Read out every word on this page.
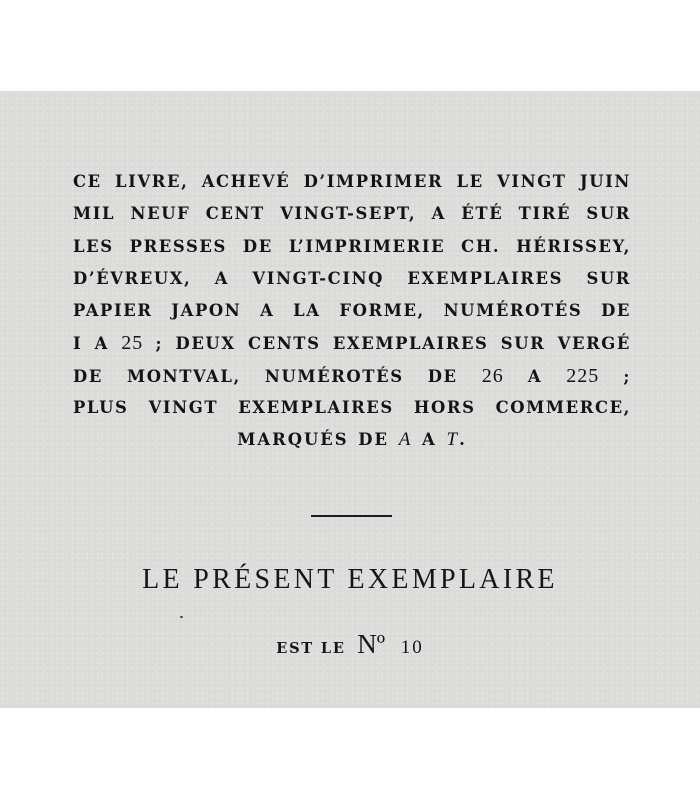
CE LIVRE, ACHEVÉ D’IMPRIMER LE VINGT JUIN
MIL NEUF CENT VINGT-SEPT, A ÉTÉ TIRÉ SUR
LES PRESSES DE L’IMPRIMERIE CH. HÉRISSEY,
D’ÉVREUX, A VINGT-CINQ EXEMPLAIRES SUR
PAPIER JAPON A LA FORME, NUMÉROTÉS DE
I A 25 ; DEUX CENTS EXEMPLAIRES SUR VERGÉ
DE MONTVAL, NUMÉROTÉS DE 26 A 225 ;
PLUS VINGT EXEMPLAIRES HORS COMMERCE,
MARQUÉS DE A A T.
LE PRÉSENT EXEMPLAIRE
EST LE Nº 10
